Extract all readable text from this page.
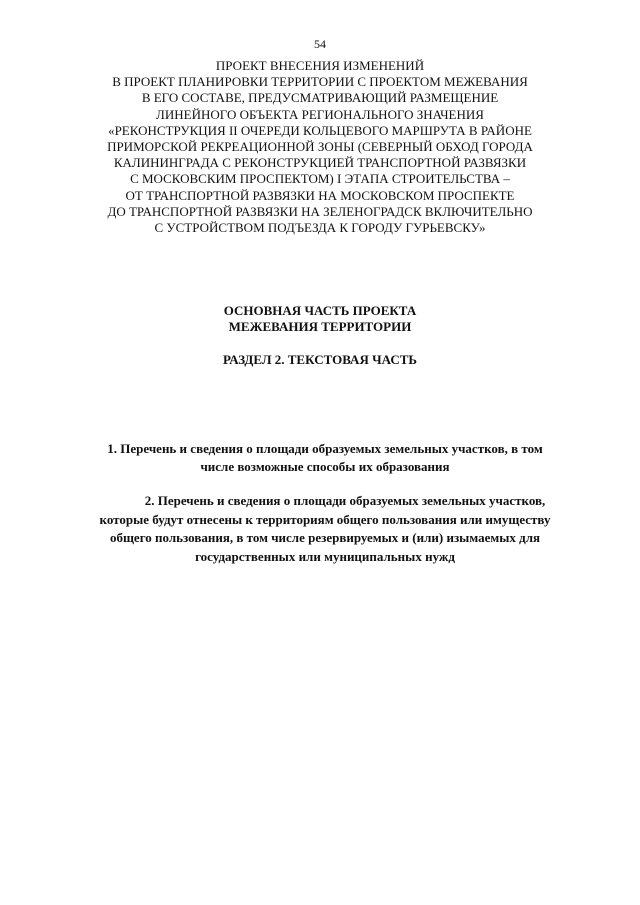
54
ПРОЕКТ ВНЕСЕНИЯ ИЗМЕНЕНИЙ
В ПРОЕКТ ПЛАНИРОВКИ ТЕРРИТОРИИ С ПРОЕКТОМ МЕЖЕВАНИЯ
В ЕГО СОСТАВЕ, ПРЕДУСМАТРИВАЮЩИЙ РАЗМЕЩЕНИЕ
ЛИНЕЙНОГО ОБЪЕКТА РЕГИОНАЛЬНОГО ЗНАЧЕНИЯ
«РЕКОНСТРУКЦИЯ II ОЧЕРЕДИ КОЛЬЦЕВОГО МАРШРУТА В РАЙОНЕ
ПРИМОРСКОЙ РЕКРЕАЦИОННОЙ ЗОНЫ (СЕВЕРНЫЙ ОБХОД ГОРОДА
КАЛИНИНГРАДА С РЕКОНСТРУКЦИЕЙ ТРАНСПОРТНОЙ РАЗВЯЗКИ
С МОСКОВСКИМ ПРОСПЕКТОМ) I ЭТАПА СТРОИТЕЛЬСТВА –
ОТ ТРАНСПОРТНОЙ РАЗВЯЗКИ НА МОСКОВСКОМ ПРОСПЕКТЕ
ДО ТРАНСПОРТНОЙ РАЗВЯЗКИ НА ЗЕЛЕНОГРАДСК ВКЛЮЧИТЕЛЬНО
С УСТРОЙСТВОМ ПОДЪЕЗДА К ГОРОДУ ГУРЬЕВСКУ»
ОСНОВНАЯ ЧАСТЬ ПРОЕКТА
МЕЖЕВАНИЯ ТЕРРИТОРИИ
РАЗДЕЛ 2. ТЕКСТОВАЯ ЧАСТЬ
1. Перечень и сведения о площади образуемых земельных участков, в том
числе возможные способы их образования
2. Перечень и сведения о площади образуемых земельных участков,
которые будут отнесены к территориям общего пользования или имуществу
общего пользования, в том числе резервируемых и (или) изымаемых для
государственных или муниципальных нужд
